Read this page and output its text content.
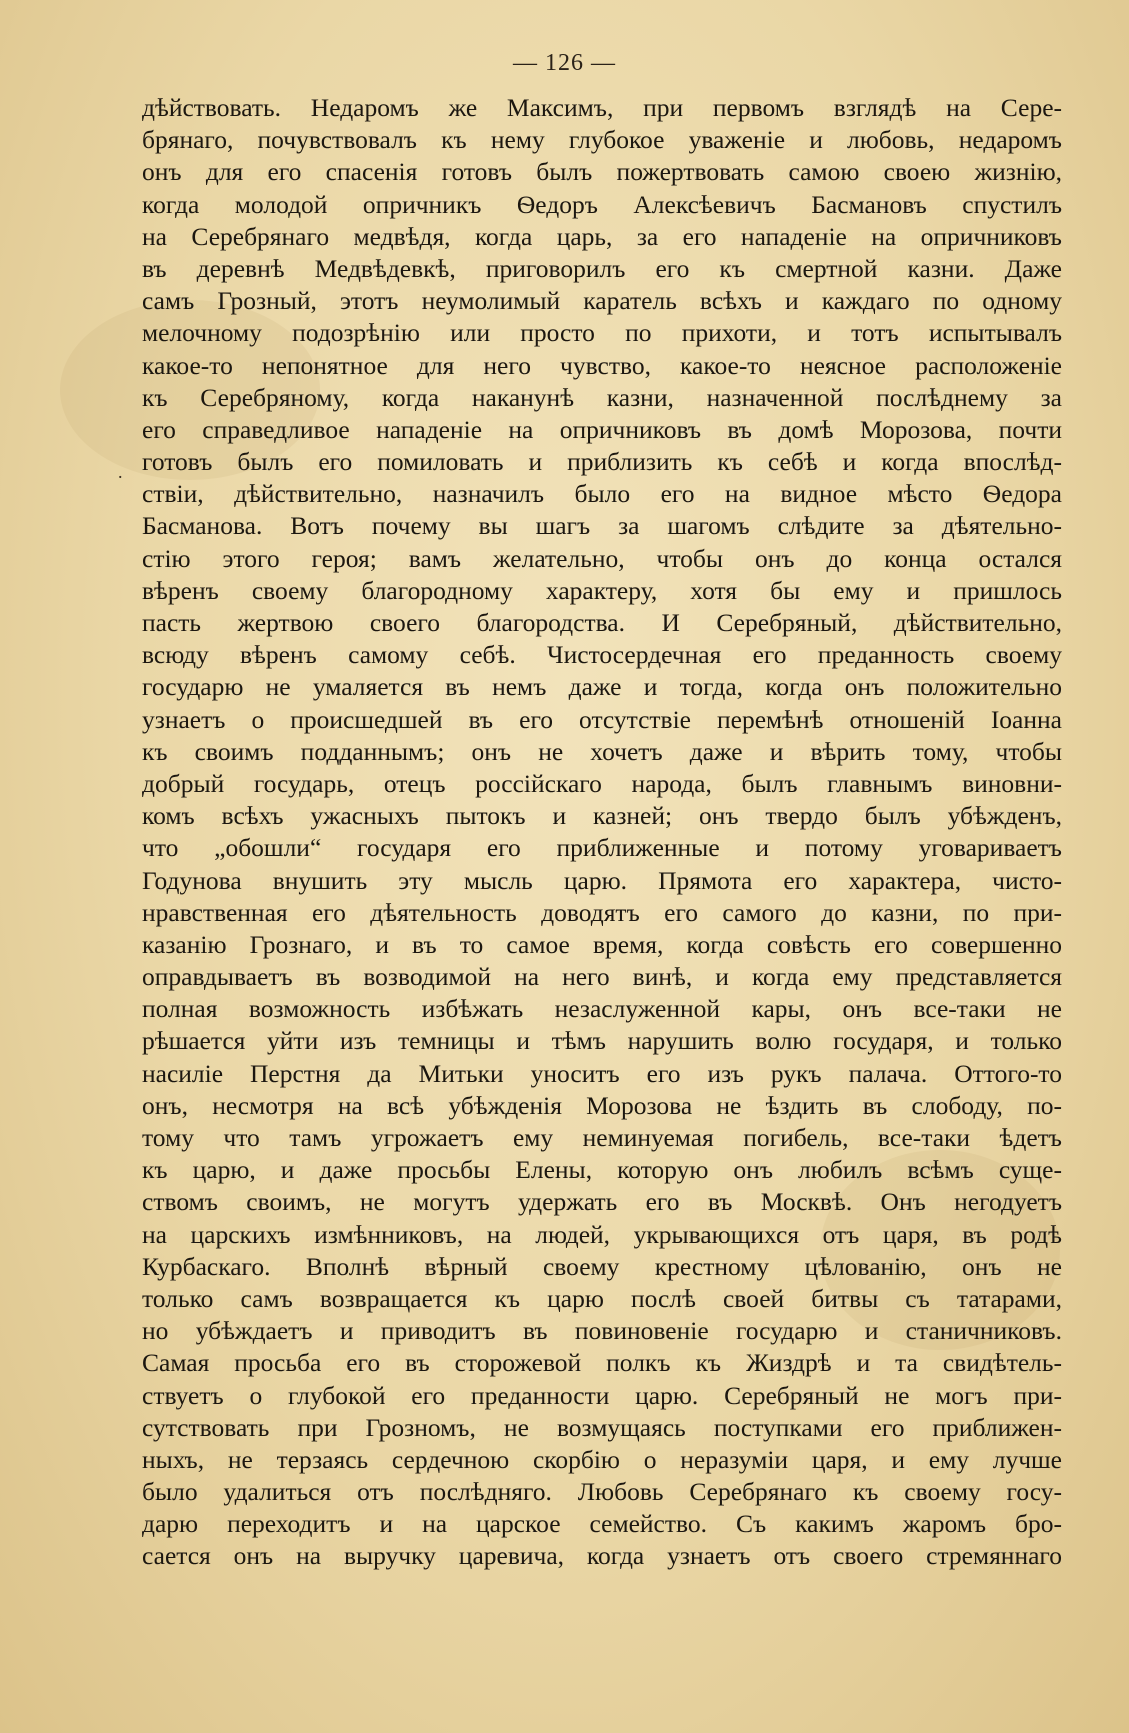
— 126 —
.
дѣйствовать. Недаромъ же Максимъ, при первомъ взглядѣ на Сере-
брянаго, почувствовалъ къ нему глубокое уваженіе и любовь, недаромъ
онъ для его спасенія готовъ былъ пожертвовать самою своею жизнію,
когда молодой опричникъ Ѳедоръ Алексѣевичъ Басмановъ спустилъ
на Серебрянаго медвѣдя, когда царь, за его нападеніе на опричниковъ
въ деревнѣ Медвѣдевкѣ, приговорилъ его къ смертной казни. Даже
самъ Грозный, этотъ неумолимый каратель всѣхъ и каждаго по одному
мелочному подозрѣнію или просто по прихоти, и тотъ испытывалъ
какое-то непонятное для него чувство, какое-то неясное расположеніе
къ Серебряному, когда наканунѣ казни, назначенной послѣднему за
его справедливое нападеніе на опричниковъ въ домѣ Морозова, почти
готовъ былъ его помиловать и приблизить къ себѣ и когда впослѣд-
ствіи, дѣйствительно, назначилъ было его на видное мѣсто Ѳедора
Басманова. Вотъ почему вы шагъ за шагомъ слѣдите за дѣятельно-
стію этого героя; вамъ желательно, чтобы онъ до конца остался
вѣренъ своему благородному характеру, хотя бы ему и пришлось
пасть жертвою своего благородства. И Серебряный, дѣйствительно,
всюду вѣренъ самому себѣ. Чистосердечная его преданность своему
государю не умаляется въ немъ даже и тогда, когда онъ положительно
узнаетъ о происшедшей въ его отсутствіе перемѣнѣ отношеній Іоанна
къ своимъ подданнымъ; онъ не хочетъ даже и вѣрить тому, чтобы
добрый государь, отецъ россійскаго народа, былъ главнымъ виновни-
комъ всѣхъ ужасныхъ пытокъ и казней; онъ твердо былъ убѣжденъ,
что „обошли“ государя его приближенные и потому уговариваетъ
Годунова внушить эту мысль царю. Прямота его характера, чисто-
нравственная его дѣятельность доводятъ его самого до казни, по при-
казанію Грознаго, и въ то самое время, когда совѣсть его совершенно
оправдываетъ въ возводимой на него винѣ, и когда ему представляется
полная возможность избѣжать незаслуженной кары, онъ все-таки не
рѣшается уйти изъ темницы и тѣмъ нарушить волю государя, и только
насиліе Перстня да Митьки уноситъ его изъ рукъ палача. Оттого-то
онъ, несмотря на всѣ убѣжденія Морозова не ѣздить въ слободу, по-
тому что тамъ угрожаетъ ему неминуемая погибель, все-таки ѣдетъ
къ царю, и даже просьбы Елены, которую онъ любилъ всѣмъ суще-
ствомъ своимъ, не могутъ удержать его въ Москвѣ. Онъ негодуетъ
на царскихъ измѣнниковъ, на людей, укрывающихся отъ царя, въ родѣ
Курбаскаго. Вполнѣ вѣрный своему крестному цѣлованію, онъ не
только самъ возвращается къ царю послѣ своей битвы съ татарами,
но убѣждаетъ и приводитъ въ повиновеніе государю и станичниковъ.
Самая просьба его въ сторожевой полкъ къ Жиздрѣ и та свидѣтель-
ствуетъ о глубокой его преданности царю. Серебряный не могъ при-
сутствовать при Грозномъ, не возмущаясь поступками его приближен-
ныхъ, не терзаясь сердечною скорбію о неразуміи царя, и ему лучше
было удалиться отъ послѣдняго. Любовь Серебрянаго къ своему госу-
дарю переходитъ и на царское семейство. Съ какимъ жаромъ бро-
сается онъ на выручку царевича, когда узнаетъ отъ своего стремяннаго
